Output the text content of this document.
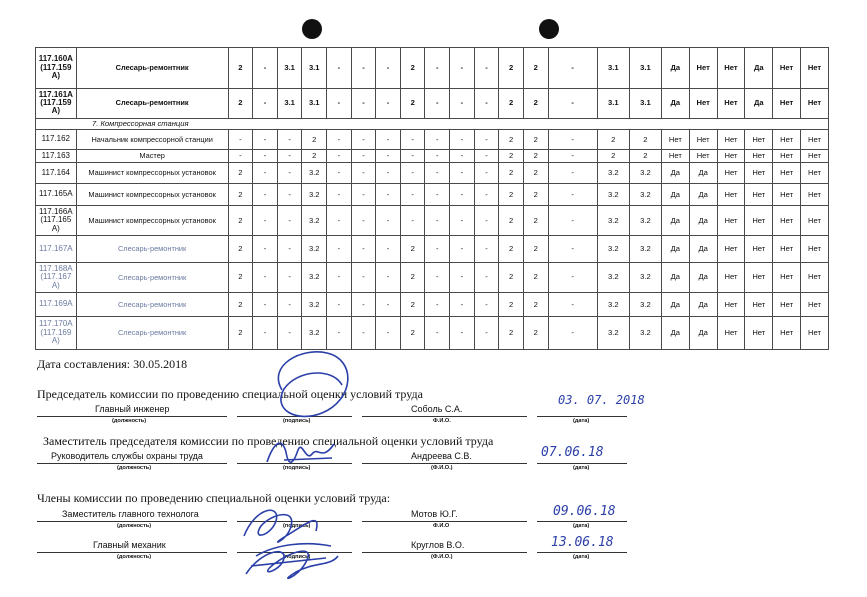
117.160А (117.159 А)	Слесарь-ремонтник	2	-	3.1	3.1	-	-	-	2	-	-	-	2	2	-	3.1	3.1	Да	Нет	Нет	Да	Нет	Нет
117.161А (117.159 А)	Слесарь-ремонтник	2	-	3.1	3.1	-	-	-	2	-	-	-	2	2	-	3.1	3.1	Да	Нет	Нет	Да	Нет	Нет
7. Компрессорная станция																							
117.162	Начальник компрессорной станции	-	-	-	2	-	-	-	-	-	-	-	2	2	-	2	2	Нет	Нет	Нет	Нет	Нет	Нет
117.163	Мастер	-	-	-	2	-	-	-	-	-	-	-	2	2	-	2	2	Нет	Нет	Нет	Нет	Нет	Нет
117.164	Машинист компрессорных установок	2	-	-	3.2	-	-	-	-	-	-	-	2	2	-	3.2	3.2	Да	Да	Нет	Нет	Нет	Нет
117.165А	Машинист компрессорных установок	2	-	-	3.2	-	-	-	-	-	-	-	2	2	-	3.2	3.2	Да	Да	Нет	Нет	Нет	Нет
117.166А (117.165 А)	Машинист компрессорных установок	2	-	-	3.2	-	-	-	-	-	-	-	2	2	-	3.2	3.2	Да	Да	Нет	Нет	Нет	Нет
117.167А	Слесарь-ремонтник	2	-	-	3.2	-	-	-	2	-	-	-	2	2	-	3.2	3.2	Да	Да	Нет	Нет	Нет	Нет
117.168А (117.167 А)	Слесарь-ремонтник	2	-	-	3.2	-	-	-	2	-	-	-	2	2	-	3.2	3.2	Да	Да	Нет	Нет	Нет	Нет
117.169А	Слесарь-ремонтник	2	-	-	3.2	-	-	-	2	-	-	-	2	2	-	3.2	3.2	Да	Да	Нет	Нет	Нет	Нет
117.170А (117.169 А)	Слесарь-ремонтник	2	-	-	3.2	-	-	-	2	-	-	-	2	2	-	3.2	3.2	Да	Да	Нет	Нет	Нет	Нет
Дата составления: 30.05.2018
Председатель комиссии по проведению специальной оценки условий труда
Главный инженер	Соболь С.А.
03. 07. 2018
(должность)	(подпись)	Ф.И.О.	(дата)
Заместитель председателя комиссии по проведению специальной оценки условий труда
Руководитель службы охраны труда	Андреева С.В.	07.06.18
(должность)	(подпись)	(Ф.И.О.)	(дата)
Члены комиссии по проведению специальной оценки условий труда:
Заместитель главного технолога	Мотов Ю.Г.	09.06.18
(должность)	(подпись)	Ф.И.О	(дата)
Главный механик	Круглов В.О.	13.06.18
(должность)	(подпись)	(Ф.И.О.)	(дата)
